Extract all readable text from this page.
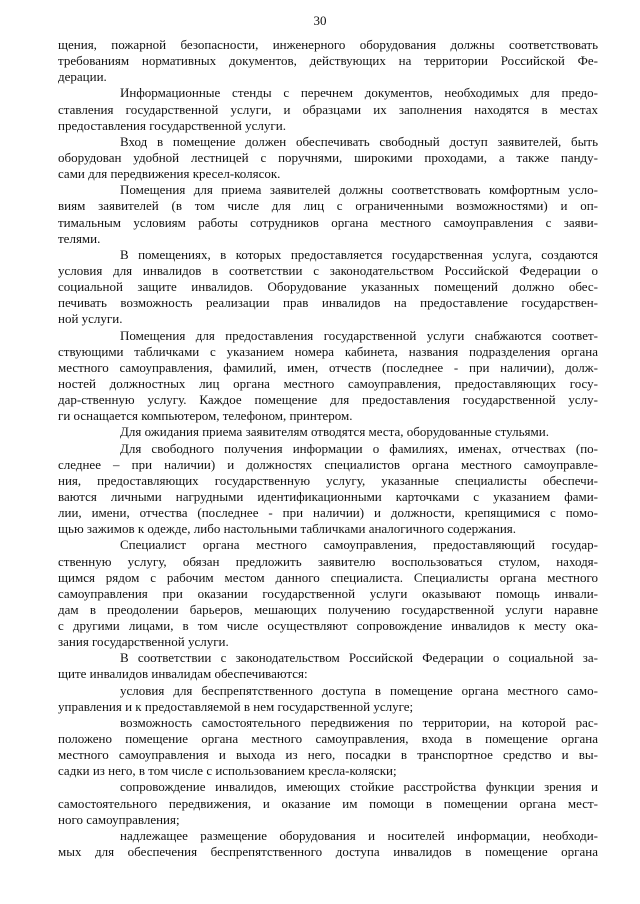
30
щения, пожарной безопасности, инженерного оборудования должны соответствовать
требованиям нормативных документов, действующих на территории Российской Фе-
дерации.
Информационные стенды с перечнем документов, необходимых для предо-
ставления государственной услуги, и образцами их заполнения находятся в местах
предоставления государственной услуги.
Вход в помещение должен обеспечивать свободный доступ заявителей, быть
оборудован удобной лестницей с поручнями, широкими проходами, а также панду-
сами для передвижения кресел-колясок.
Помещения для приема заявителей должны соответствовать комфортным усло-
виям заявителей (в том числе для лиц с ограниченными возможностями) и оп-
тимальным условиям работы сотрудников органа местного самоуправления с заяви-
телями.
В помещениях, в которых предоставляется государственная услуга, создаются
условия для инвалидов в соответствии с законодательством Российской Федерации о
социальной защите инвалидов. Оборудование указанных помещений должно обес-
печивать возможность реализации прав инвалидов на предоставление государствен-
ной услуги.
Помещения для предоставления государственной услуги снабжаются соответ-
ствующими табличками с указанием номера кабинета, названия подразделения органа
местного самоуправления, фамилий, имен, отчеств (последнее - при наличии), долж-
ностей должностных лиц органа местного самоуправления, предоставляющих госу-
дар-ственную услугу. Каждое помещение для предоставления государственной услу-
ги оснащается компьютером, телефоном, принтером.
Для ожидания приема заявителям отводятся места, оборудованные стульями.
Для свободного получения информации о фамилиях, именах, отчествах (по-
следнее – при наличии) и должностях специалистов органа местного самоуправле-
ния, предоставляющих государственную услугу, указанные специалисты обеспечи-
ваются личными нагрудными идентификационными карточками с указанием фами-
лии, имени, отчества (последнее - при наличии) и должности, крепящимися с помо-
щью зажимов к одежде, либо настольными табличками аналогичного содержания.
Специалист органа местного самоуправления, предоставляющий государ-
ственную услугу, обязан предложить заявителю воспользоваться стулом, находя-
щимся рядом с рабочим местом данного специалиста. Специалисты органа местного
самоуправления при оказании государственной услуги оказывают помощь инвали-
дам в преодолении барьеров, мешающих получению государственной услуги наравне
с другими лицами, в том числе осуществляют сопровождение инвалидов к месту ока-
зания государственной услуги.
В соответствии с законодательством Российской Федерации о социальной за-
щите инвалидов инвалидам обеспечиваются:
условия для беспрепятственного доступа в помещение органа местного само-
управления и к предоставляемой в нем государственной услуге;
возможность самостоятельного передвижения по территории, на которой рас-
положено помещение органа местного самоуправления, входа в помещение органа
местного самоуправления и выхода из него, посадки в транспортное средство и вы-
садки из него, в том числе с использованием кресла-коляски;
сопровождение инвалидов, имеющих стойкие расстройства функции зрения и
самостоятельного передвижения, и оказание им помощи в помещении органа мест-
ного самоуправления;
надлежащее размещение оборудования и носителей информации, необходи-
мых для обеспечения беспрепятственного доступа инвалидов в помещение органа
